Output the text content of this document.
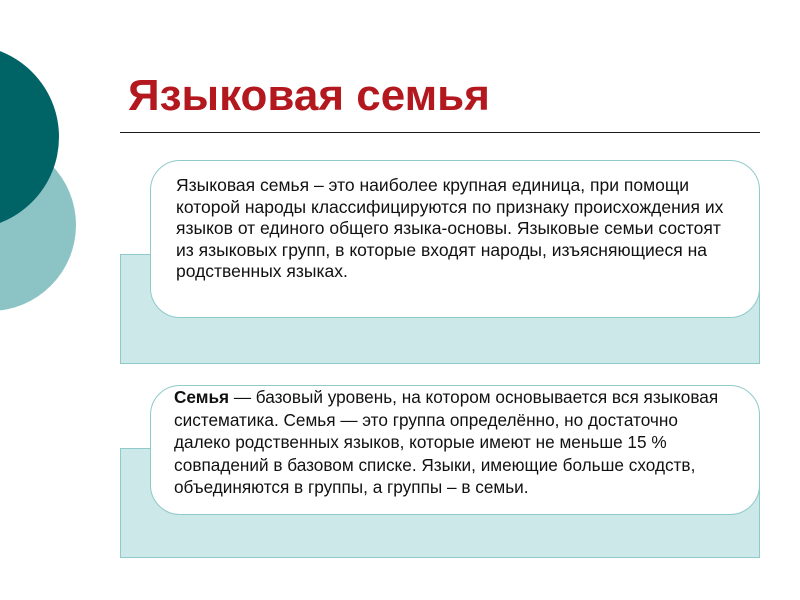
Языковая семья

Языковая семья – это наиболее крупная единица, при помощи которой народы классифицируются по признаку происхождения их языков от единого общего языка-основы. Языковые семьи состоят из языковых групп, в которые входят народы, изъясняющиеся на родственных языках.

Семья — базовый уровень, на котором основывается вся языковая систематика. Семья — это группа определённо, но достаточно далеко родственных языков, которые имеют не меньше 15 % совпадений в базовом списке. Языки, имеющие больше сходств, объединяются в группы, а группы – в семьи.
